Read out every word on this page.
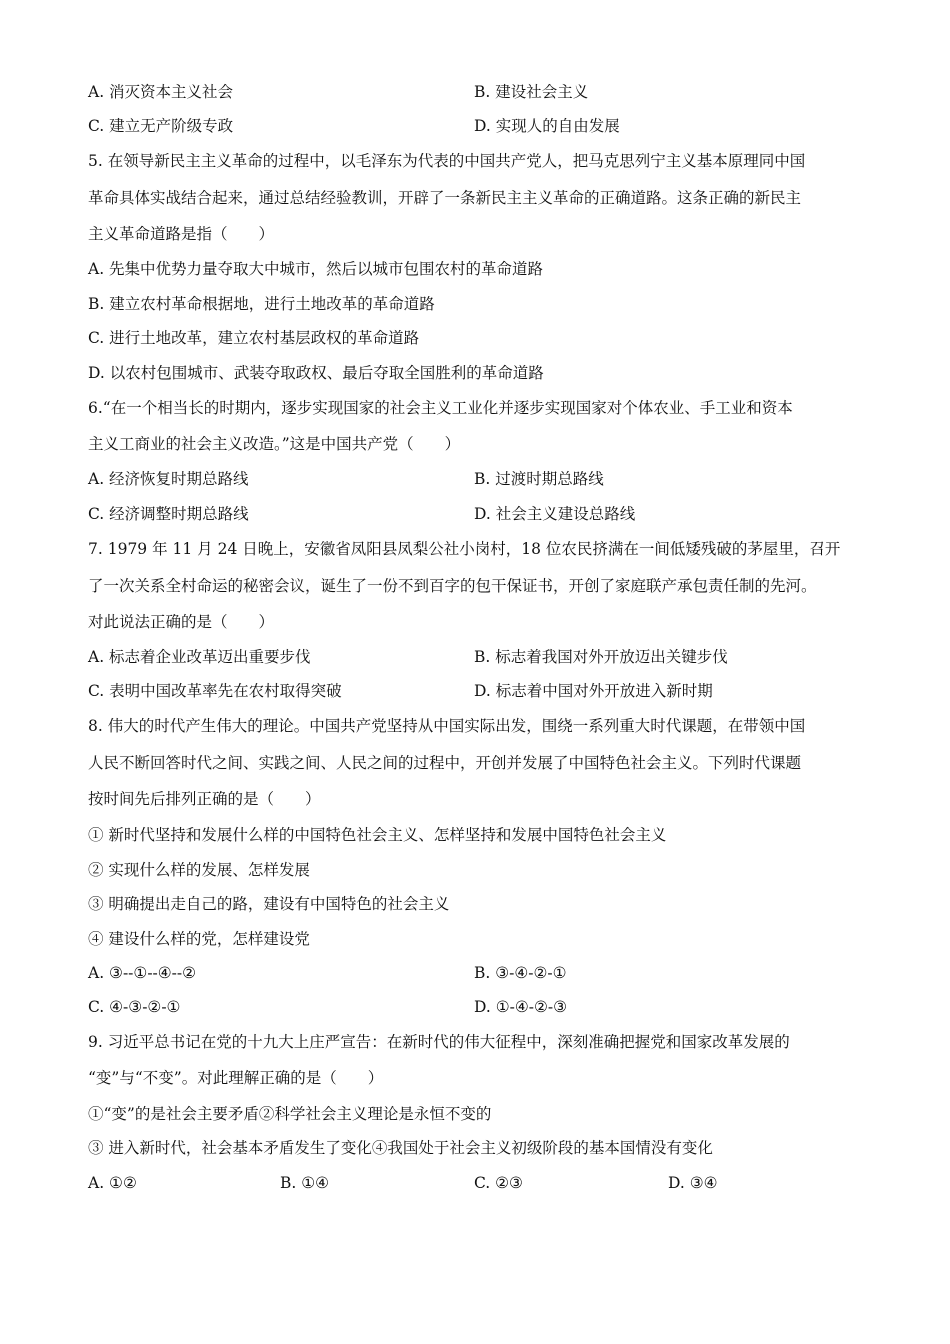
A. 消灭资本主义社会	B. 建设社会主义
C. 建立无产阶级专政	D. 实现人的自由发展
5. 在领导新民主主义革命的过程中，以毛泽东为代表的中国共产党人，把马克思列宁主义基本原理同中国
革命具体实战结合起来，通过总结经验教训，开辟了一条新民主主义革命的正确道路。这条正确的新民主
主义革命道路是指（　　）
A. 先集中优势力量夺取大中城市，然后以城市包围农村的革命道路
B. 建立农村革命根据地，进行土地改革的革命道路
C. 进行土地改革，建立农村基层政权的革命道路
D. 以农村包围城市、武装夺取政权、最后夺取全国胜利的革命道路
6.“在一个相当长的时期内，逐步实现国家的社会主义工业化并逐步实现国家对个体农业、手工业和资本
主义工商业的社会主义改造。”这是中国共产党（　　）
A. 经济恢复时期总路线	B. 过渡时期总路线
C. 经济调整时期总路线	D. 社会主义建设总路线
7. 1979 年 11 月 24 日晚上，安徽省凤阳县凤梨公社小岗村，18 位农民挤满在一间低矮残破的茅屋里，召开
了一次关系全村命运的秘密会议，诞生了一份不到百字的包干保证书，开创了家庭联产承包责任制的先河。
对此说法正确的是（　　）
A. 标志着企业改革迈出重要步伐	B. 标志着我国对外开放迈出关键步伐
C. 表明中国改革率先在农村取得突破	D. 标志着中国对外开放进入新时期
8. 伟大的时代产生伟大的理论。中国共产党坚持从中国实际出发，围绕一系列重大时代课题，在带领中国
人民不断回答时代之间、实践之间、人民之间的过程中，开创并发展了中国特色社会主义。下列时代课题
按时间先后排列正确的是（　　）
① 新时代坚持和发展什么样的中国特色社会主义、怎样坚持和发展中国特色社会主义
② 实现什么样的发展、怎样发展
③ 明确提出走自己的路，建设有中国特色的社会主义
④ 建设什么样的党，怎样建设党
A. ③--①--④--②	B. ③-④-②-①
C. ④-③-②-①	D. ①-④-②-③
9. 习近平总书记在党的十九大上庄严宣告：在新时代的伟大征程中，深刻准确把握党和国家改革发展的
“变”与“不变”。对此理解正确的是（　　）
①“变”的是社会主要矛盾②科学社会主义理论是永恒不变的
③ 进入新时代，社会基本矛盾发生了变化④我国处于社会主义初级阶段的基本国情没有变化
A. ①②	B. ①④	C. ②③	D. ③④
